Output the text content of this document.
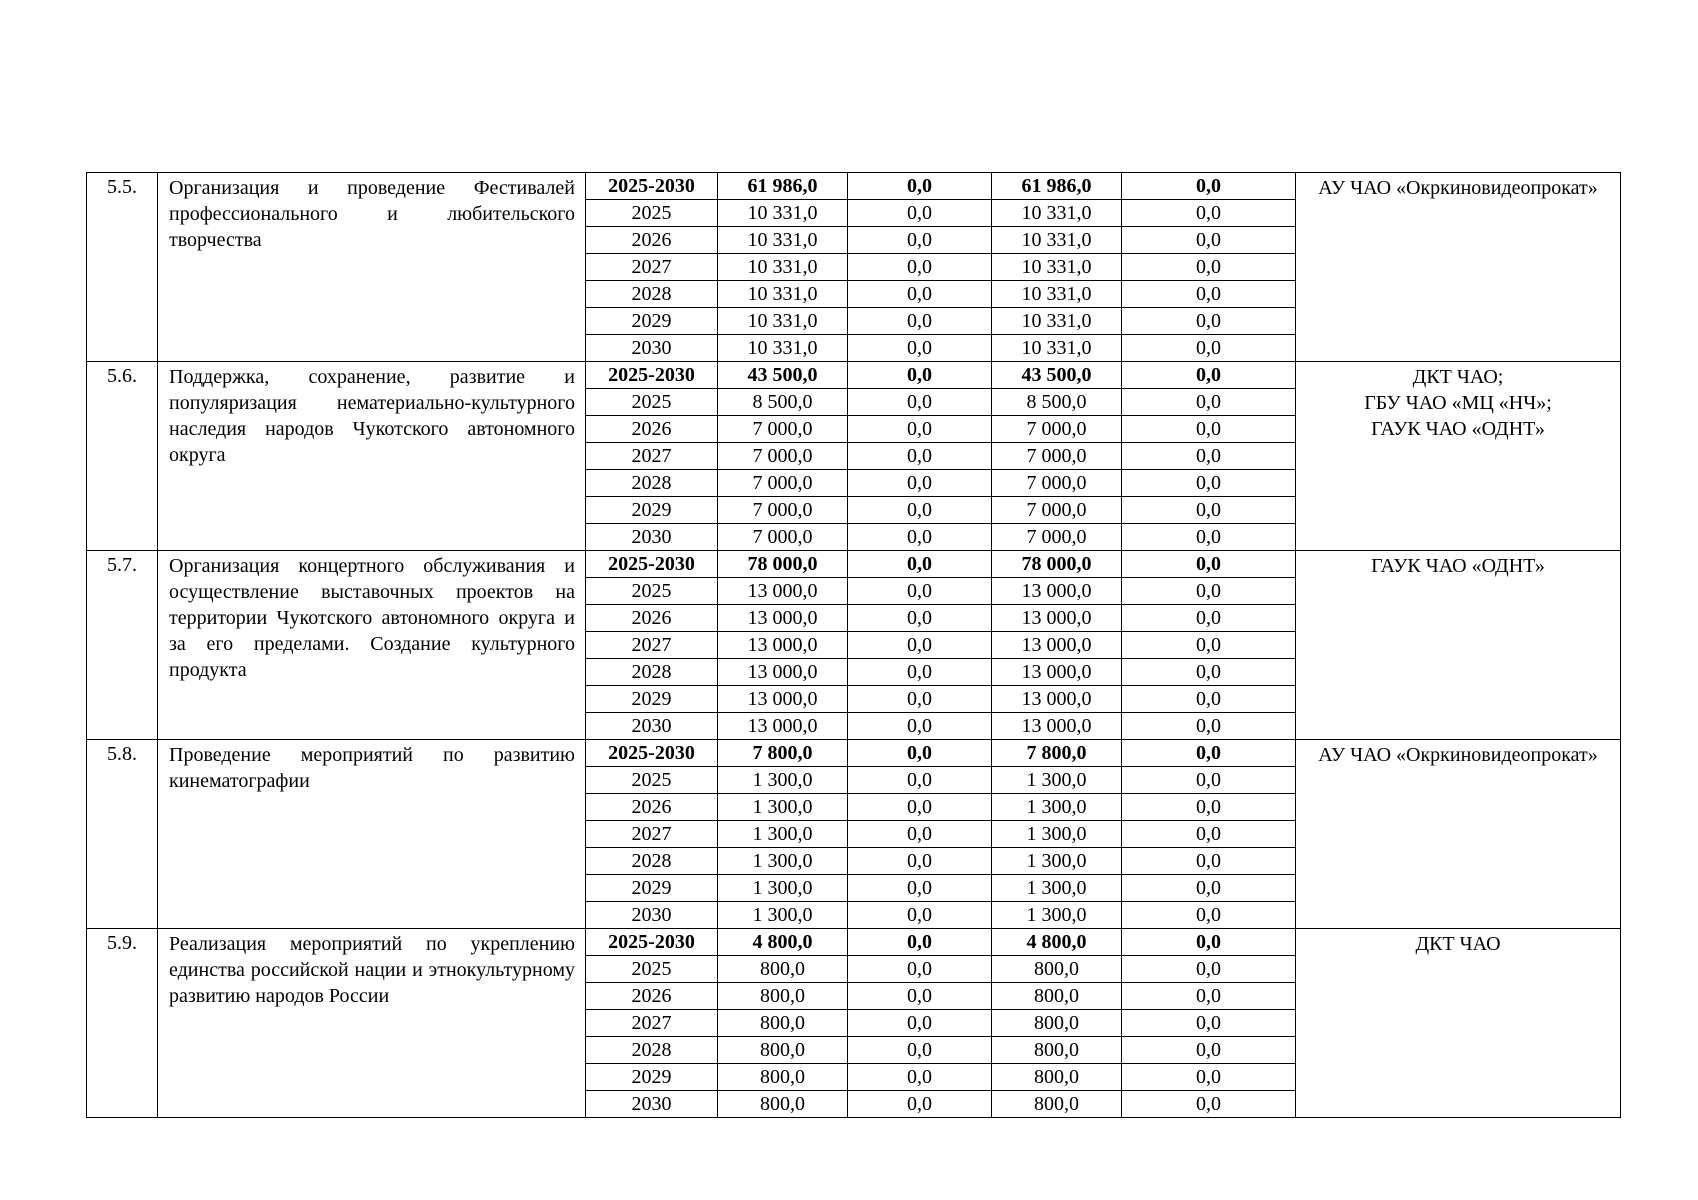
5.5.	Организация и проведение Фестивалей профессионального и любительского творчества	2025-2030	61 986,0	0,0	61 986,0	0,0	АУ ЧАО «Окркиновидеопрокат»

		2025	10 331,0	0,0	10 331,0	0,0	
		2026	10 331,0	0,0	10 331,0	0,0	
		2027	10 331,0	0,0	10 331,0	0,0	
		2028	10 331,0	0,0	10 331,0	0,0	
		2029	10 331,0	0,0	10 331,0	0,0	
		2030	10 331,0	0,0	10 331,0	0,0	
5.6.	Поддержка, сохранение, развитие и популяризация нематериально-культурного наследия народов Чукотского автономного округа	2025-2030	43 500,0	0,0	43 500,0	0,0	ДКТ ЧАО;
ГБУ ЧАО «МЦ «НЧ»;
ГАУК ЧАО «ОДНТ»

		2025	8 500,0	0,0	8 500,0	0,0	
		2026	7 000,0	0,0	7 000,0	0,0	
		2027	7 000,0	0,0	7 000,0	0,0	
		2028	7 000,0	0,0	7 000,0	0,0	
		2029	7 000,0	0,0	7 000,0	0,0	
		2030	7 000,0	0,0	7 000,0	0,0	
5.7.	Организация концертного обслуживания и осуществление выставочных проектов на территории Чукотского автономного округа и за его пределами. Создание культурного продукта	2025-2030	78 000,0	0,0	78 000,0	0,0	ГАУК ЧАО «ОДНТ»

		2025	13 000,0	0,0	13 000,0	0,0	
		2026	13 000,0	0,0	13 000,0	0,0	
		2027	13 000,0	0,0	13 000,0	0,0	
		2028	13 000,0	0,0	13 000,0	0,0	
		2029	13 000,0	0,0	13 000,0	0,0	
		2030	13 000,0	0,0	13 000,0	0,0	
5.8.	Проведение мероприятий по развитию кинематографии	2025-2030	7 800,0	0,0	7 800,0	0,0	АУ ЧАО «Окркиновидеопрокат»

		2025	1 300,0	0,0	1 300,0	0,0	
		2026	1 300,0	0,0	1 300,0	0,0	
		2027	1 300,0	0,0	1 300,0	0,0	
		2028	1 300,0	0,0	1 300,0	0,0	
		2029	1 300,0	0,0	1 300,0	0,0	
		2030	1 300,0	0,0	1 300,0	0,0	
5.9.	Реализация мероприятий по укреплению единства российской нации и этнокультурному развитию народов России	2025-2030	4 800,0	0,0	4 800,0	0,0	ДКТ ЧАО

		2025	800,0	0,0	800,0	0,0	
		2026	800,0	0,0	800,0	0,0	
		2027	800,0	0,0	800,0	0,0	
		2028	800,0	0,0	800,0	0,0	
		2029	800,0	0,0	800,0	0,0	
		2030	800,0	0,0	800,0	0,0	
